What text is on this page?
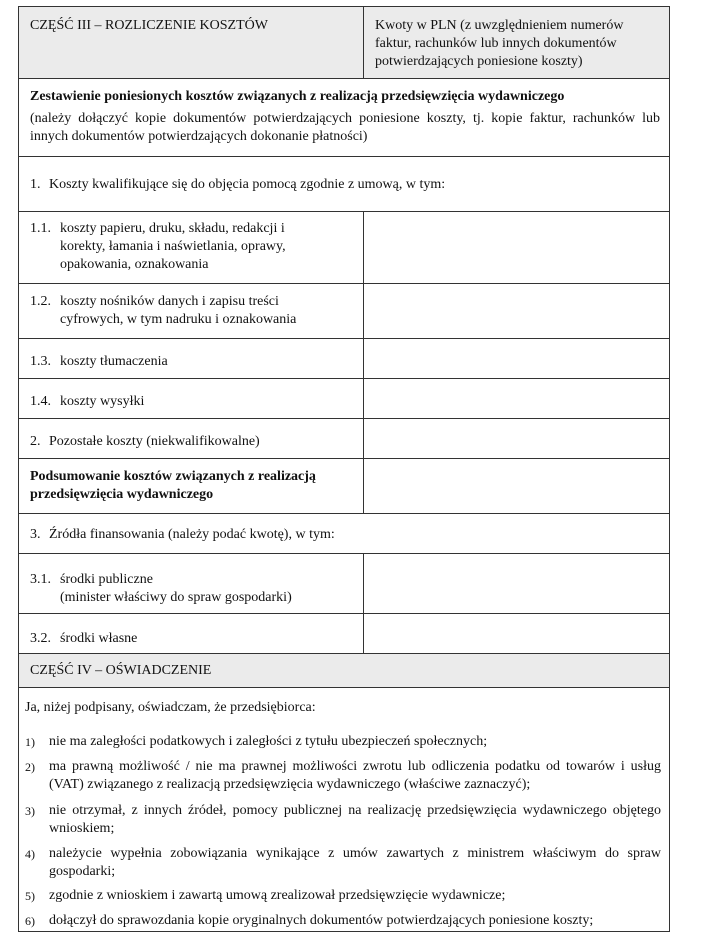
CZĘŚĆ III – ROZLICZENIE KOSZTÓW	Kwoty w PLN (z uwzględnieniem numerów faktur, rachunków lub innych dokumentów potwierdzających poniesione koszty)
Zestawienie poniesionych kosztów związanych z realizacją przedsięwzięcia wydawniczego
(należy dołączyć kopie dokumentów potwierdzających poniesione koszty, tj. kopie faktur, rachunków lub innych dokumentów potwierdzających dokonanie płatności)
1. Koszty kwalifikujące się do objęcia pomocą zgodnie z umową, w tym:
1.1. koszty papieru, druku, składu, redakcji i korekty, łamania i naświetlania, oprawy, opakowania, oznakowania
1.2. koszty nośników danych i zapisu treści cyfrowych, w tym nadruku i oznakowania
1.3. koszty tłumaczenia
1.4. koszty wysyłki
2. Pozostałe koszty (niekwalifikowalne)
Podsumowanie kosztów związanych z realizacją przedsięwzięcia wydawniczego
3. Źródła finansowania (należy podać kwotę), w tym:
3.1. środki publiczne
(minister właściwy do spraw gospodarki)
3.2. środki własne
CZĘŚĆ IV – OŚWIADCZENIE
Ja, niżej podpisany, oświadczam, że przedsiębiorca:
1)	nie ma zaległości podatkowych i zaległości z tytułu ubezpieczeń społecznych;
2)	ma prawną możliwość / nie ma prawnej możliwości zwrotu lub odliczenia podatku od towarów i usług (VAT) związanego z realizacją przedsięwzięcia wydawniczego (właściwe zaznaczyć);
3)	nie otrzymał, z innych źródeł, pomocy publicznej na realizację przedsięwzięcia wydawniczego objętego wnioskiem;
4)	należycie wypełnia zobowiązania wynikające z umów zawartych z ministrem właściwym do spraw gospodarki;
5)	zgodnie z wnioskiem i zawartą umową zrealizował przedsięwzięcie wydawnicze;
6)	dołączył do sprawozdania kopie oryginalnych dokumentów potwierdzających poniesione koszty;
